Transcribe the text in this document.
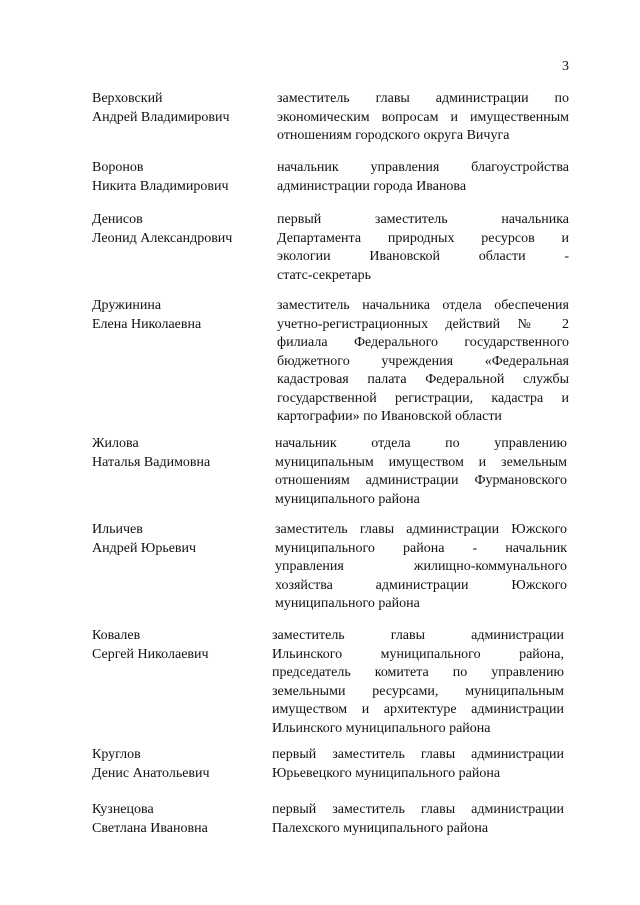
3
Верховский
Андрей Владимирович
заместитель главы администрации по
экономическим вопросам и имущественным
отношениям городского округа Вичуга
Воронов
Никита Владимирович
начальник управления благоустройства
администрации города Иванова
Денисов
Леонид Александрович
первый заместитель начальника
Департамента природных ресурсов и
экологии Ивановской области -
статс-секретарь
Дружинина
Елена Николаевна
заместитель начальника отдела обеспечения
учетно-регистрационных действий № 2
филиала Федерального государственного
бюджетного учреждения «Федеральная
кадастровая палата Федеральной службы
государственной регистрации, кадастра и
картографии» по Ивановской области
Жилова
Наталья Вадимовна
начальник отдела по управлению
муниципальным имуществом и земельным
отношениям администрации Фурмановского
муниципального района
Ильичев
Андрей Юрьевич
заместитель главы администрации Южского
муниципального района - начальник
управления жилищно-коммунального
хозяйства администрации Южского
муниципального района
Ковалев
Сергей Николаевич
заместитель главы администрации
Ильинского муниципального района,
председатель комитета по управлению
земельными ресурсами, муниципальным
имуществом и архитектуре администрации
Ильинского муниципального района
Круглов
Денис Анатольевич
первый заместитель главы администрации
Юрьевецкого муниципального района
Кузнецова
Светлана Ивановна
первый заместитель главы администрации
Палехского муниципального района
